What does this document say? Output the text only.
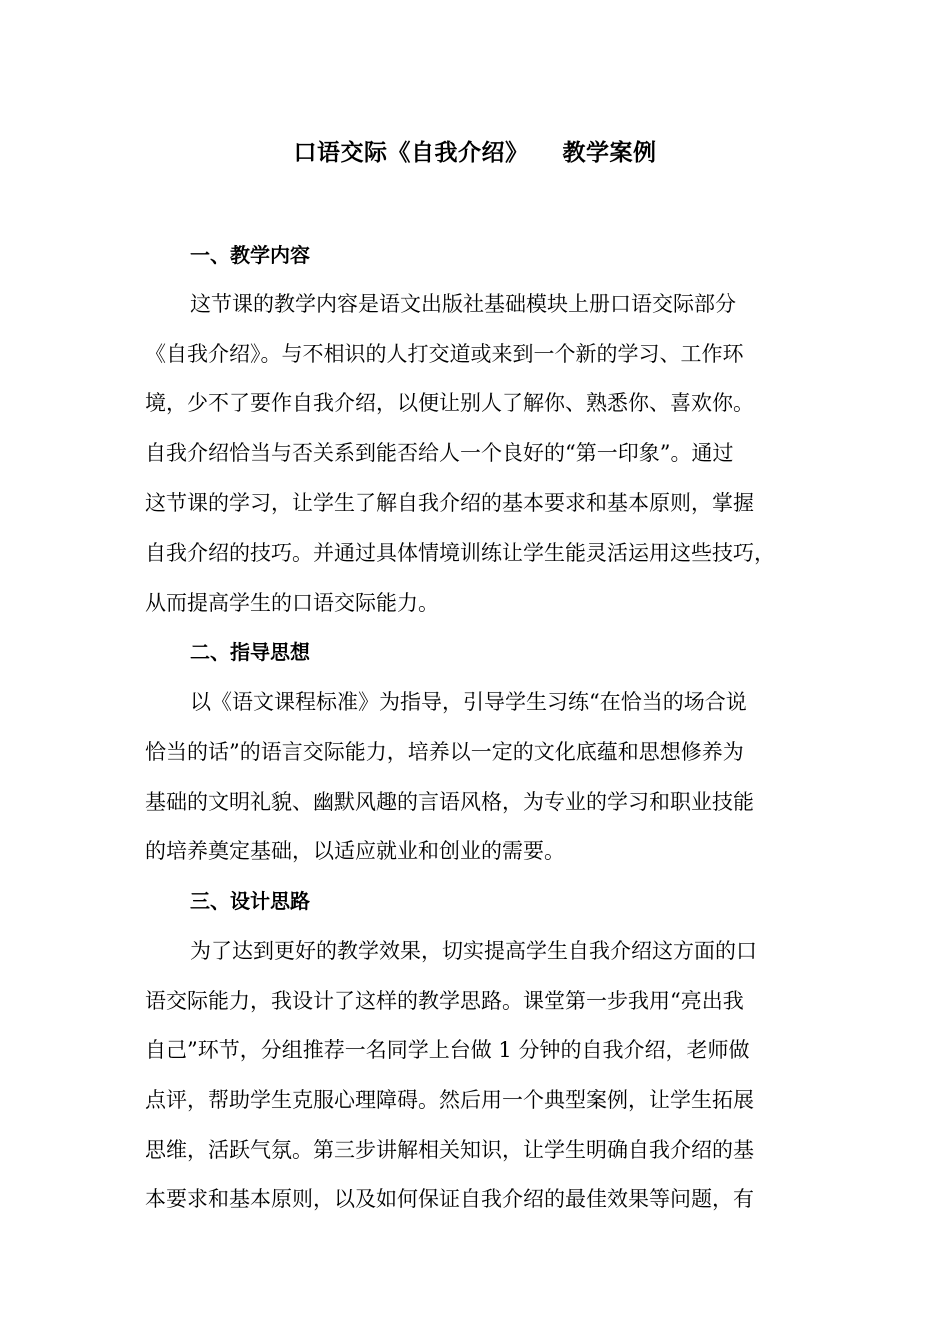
口语交际《自我介绍》    教学案例
一、教学内容
这节课的教学内容是语文出版社基础模块上册口语交际部分
《自我介绍》。与不相识的人打交道或来到一个新的学习、工作环
境，少不了要作自我介绍，以便让别人了解你、熟悉你、喜欢你。
自我介绍恰当与否关系到能否给人一个良好的“第一印象”。通过
这节课的学习，让学生了解自我介绍的基本要求和基本原则，掌握
自我介绍的技巧。并通过具体情境训练让学生能灵活运用这些技巧，
从而提高学生的口语交际能力。
二、指导思想
以《语文课程标准》为指导，引导学生习练“在恰当的场合说
恰当的话”的语言交际能力，培养以一定的文化底蕴和思想修养为
基础的文明礼貌、幽默风趣的言语风格，为专业的学习和职业技能
的培养奠定基础，以适应就业和创业的需要。
三、设计思路
为了达到更好的教学效果，切实提高学生自我介绍这方面的口
语交际能力，我设计了这样的教学思路。课堂第一步我用“亮出我
自己”环节，分组推荐一名同学上台做 1 分钟的自我介绍，老师做
点评，帮助学生克服心理障碍。然后用一个典型案例，让学生拓展
思维，活跃气氛。第三步讲解相关知识，让学生明确自我介绍的基
本要求和基本原则，以及如何保证自我介绍的最佳效果等问题，有
